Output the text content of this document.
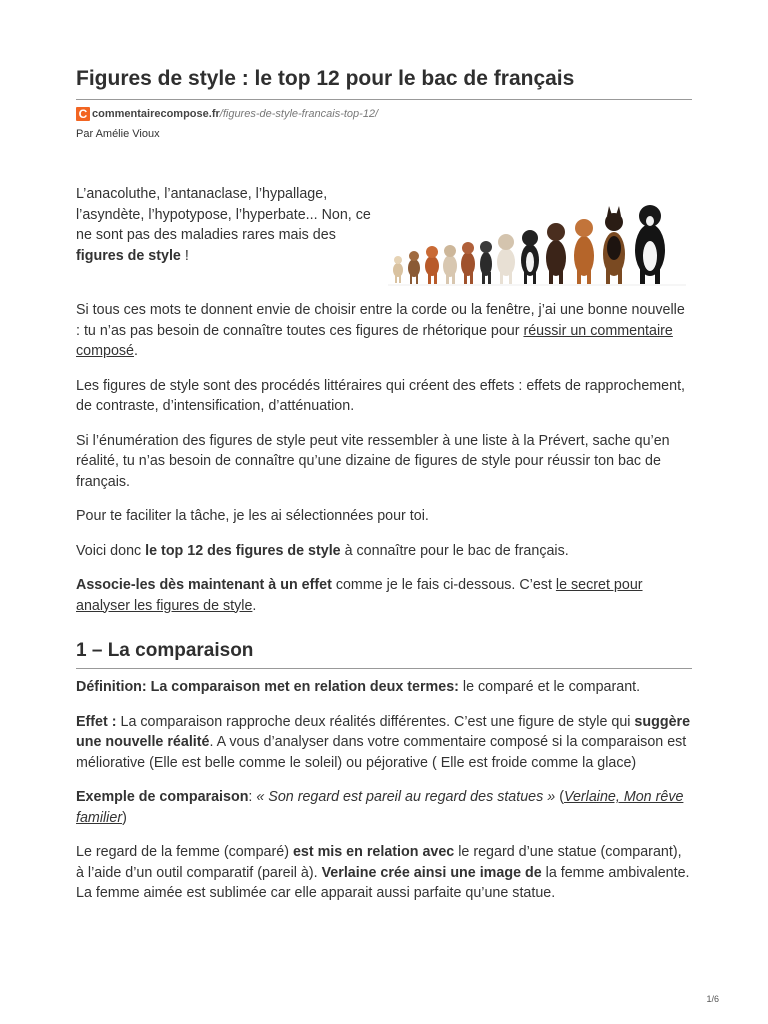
Figures de style : le top 12 pour le bac de français
C commentairecompose.fr /figures-de-style-francais-top-12/
Par Amélie Vioux

L’anacoluthe, l’antanaclase, l’hypallage, l’asyndète, l’hypotypose, l’hyperbate... Non, ce ne sont pas des maladies rares mais des figures de style !

Si tous ces mots te donnent envie de choisir entre la corde ou la fenêtre, j’ai une bonne nouvelle : tu n’as pas besoin de connaître toutes ces figures de rhétorique pour réussir un commentaire composé.

Les figures de style sont des procédés littéraires qui créent des effets : effets de rapprochement, de contraste, d’intensification, d’atténuation.

Si l’énumération des figures de style peut vite ressembler à une liste à la Prévert, sache qu’en réalité, tu n’as besoin de connaître qu’une dizaine de figures de style pour réussir ton bac de français.

Pour te faciliter la tâche, je les ai sélectionnées pour toi.

Voici donc le top 12 des figures de style à connaître pour le bac de français.

Associe-les dès maintenant à un effet comme je le fais ci-dessous. C’est le secret pour analyser les figures de style.

1 – La comparaison

Définition: La comparaison met en relation deux termes: le comparé et le comparant.

Effet : La comparaison rapproche deux réalités différentes. C’est une figure de style qui suggère une nouvelle réalité. A vous d’analyser dans votre commentaire composé si la comparaison est méliorative (Elle est belle comme le soleil) ou péjorative ( Elle est froide comme la glace)

Exemple de comparaison: « Son regard est pareil au regard des statues » (Verlaine, Mon rêve familier)

Le regard de la femme (comparé) est mis en relation avec le regard d’une statue (comparant), à l’aide d’un outil comparatif (pareil à). Verlaine crée ainsi une image de la femme ambivalente. La femme aimée est sublimée car elle apparait aussi parfaite qu’une statue.

1/6
